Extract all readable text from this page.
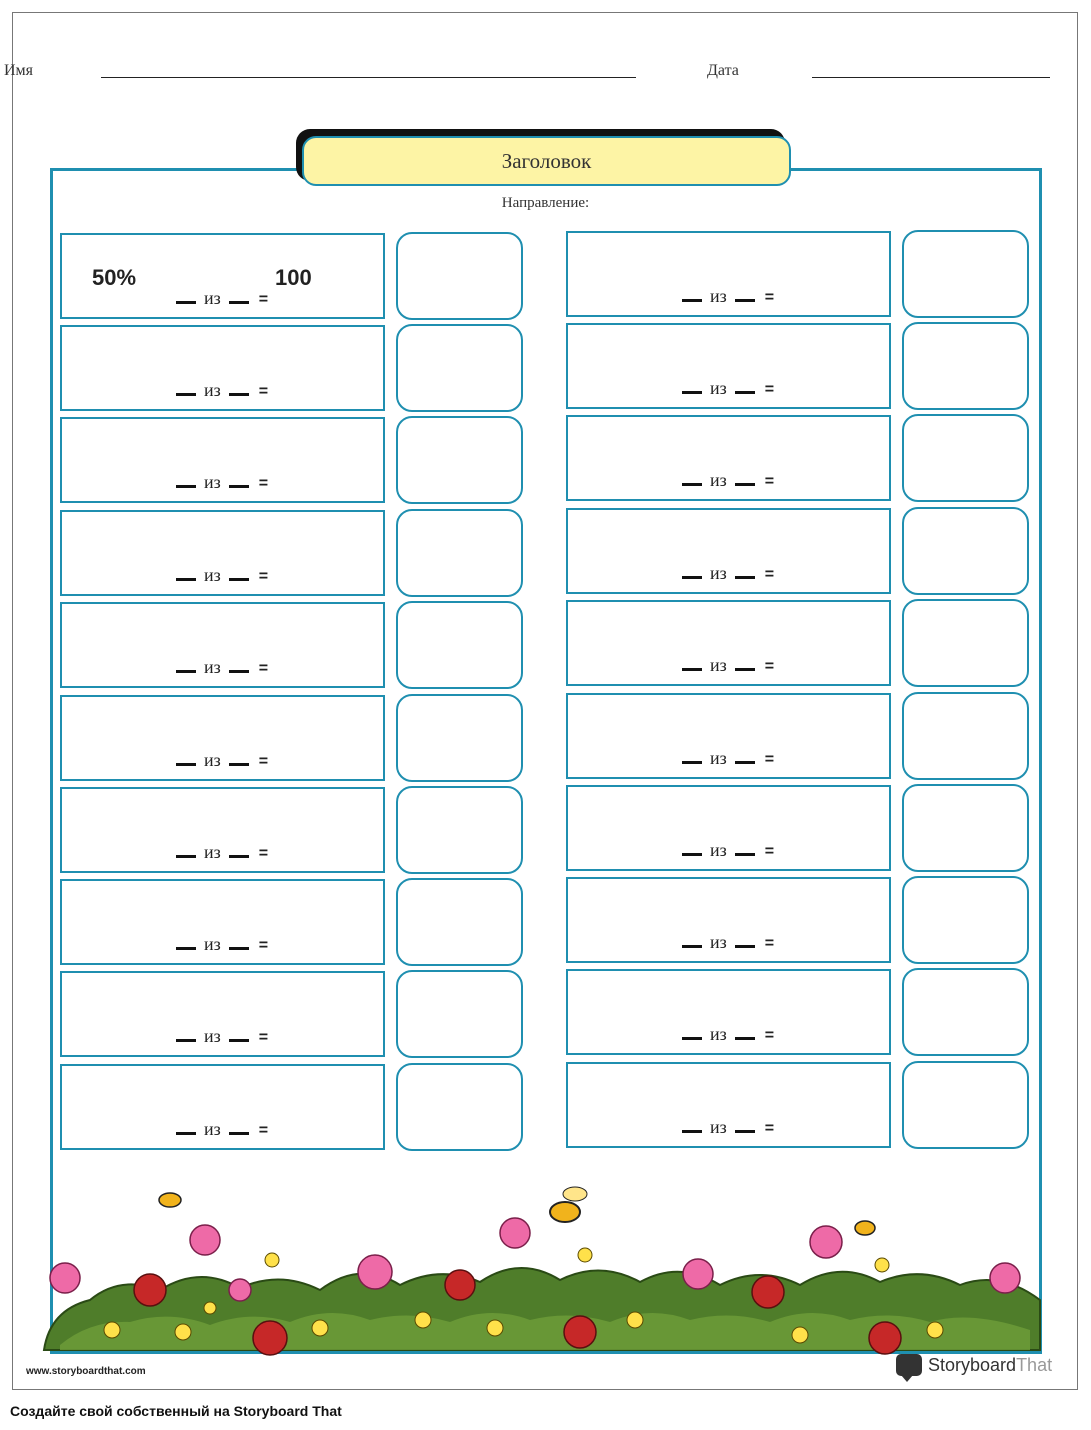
Имя	Дата
Заголовок
Направление:
50%	100
из =
из =
из =
из =
из =
из =
из =
из =
из =
из =
из =
из =
из =
из =
из =
из =
из =
из =
из =
из =
www.storyboardthat.com	Storyboard That
Создайте свой собственный на Storyboard That
